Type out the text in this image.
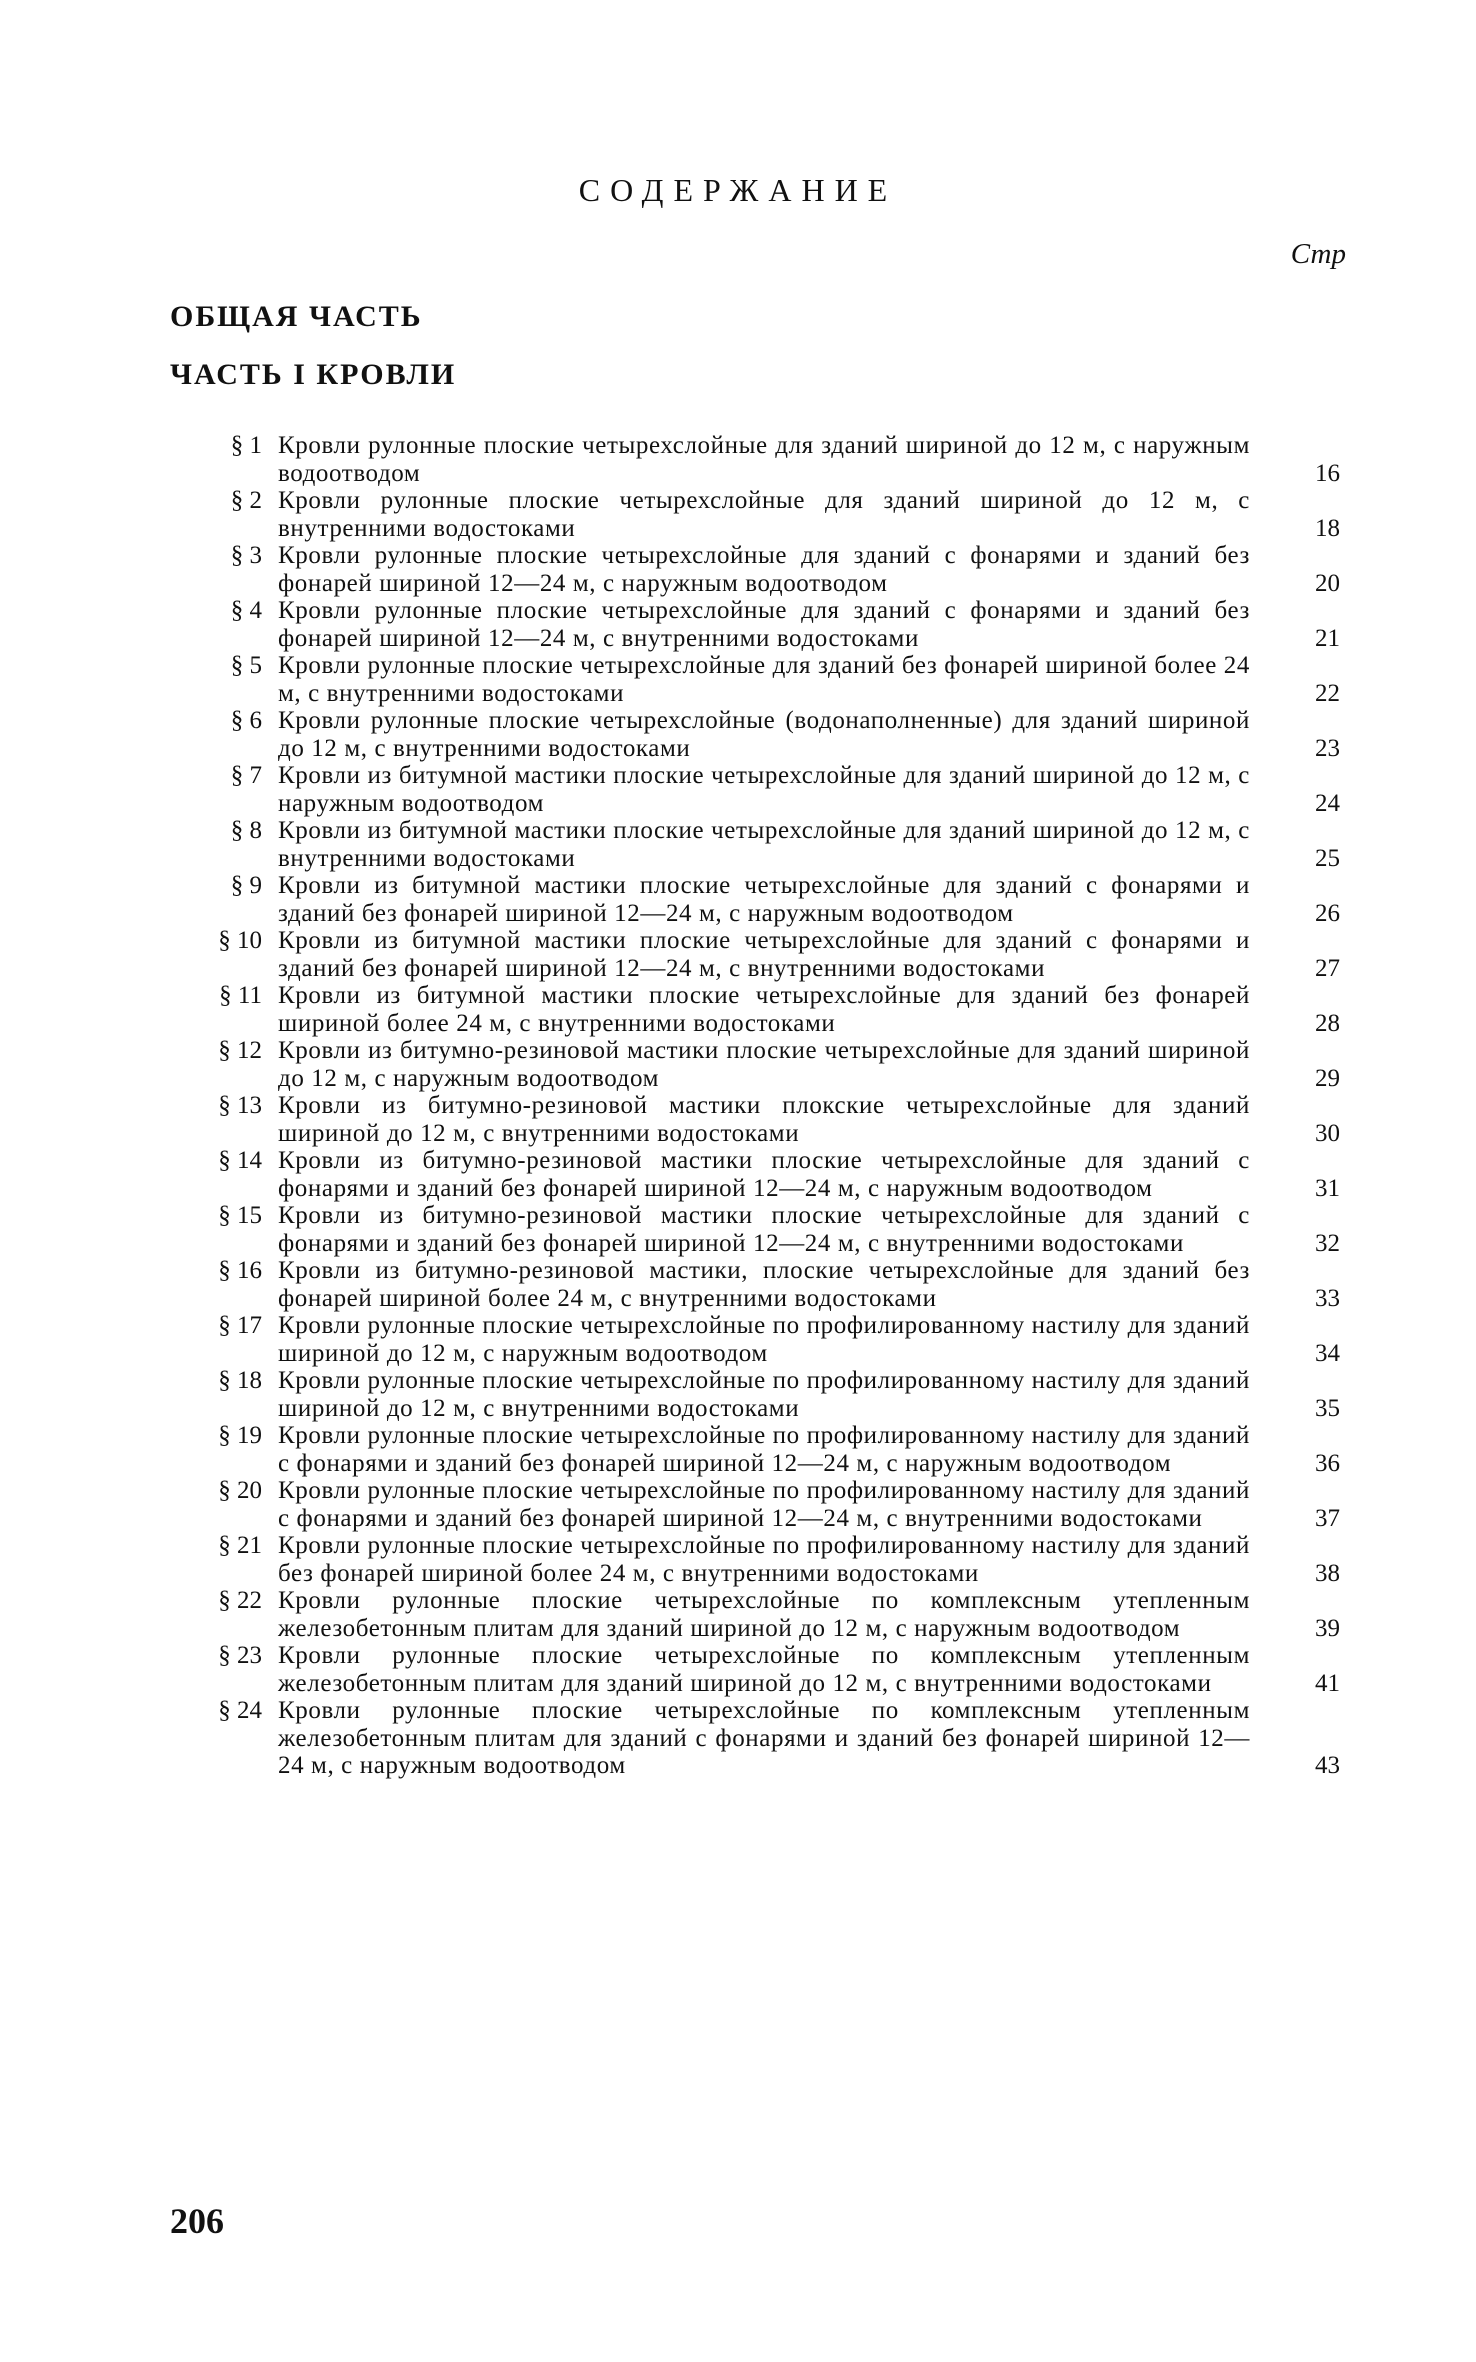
СОДЕРЖАНИЕ
Стр
ОБЩАЯ ЧАСТЬ
ЧАСТЬ I КРОВЛИ
§ 1 Кровли рулонные плоские четырехслойные для зданий шириной до 12 м, с наружным водоотводом	16
§ 2 Кровли рулонные плоские четырехслойные для зданий шириной до 12 м, с внутренними водостоками	18
§ 3 Кровли рулонные плоские четырехслойные для зданий с фонарями и зданий без фонарей шириной 12—24 м, с наружным водоотводом	20
§ 4 Кровли рулонные плоские четырехслойные для зданий с фонарями и зданий без фонарей шириной 12—24 м, с внутренними водостоками	21
§ 5 Кровли рулонные плоские четырехслойные для зданий без фонарей шириной более 24 м, с внутренними водостоками	22
§ 6 Кровли рулонные плоские четырехслойные (водонаполненные) для зданий шириной до 12 м, с внутренними водостоками	23
§ 7 Кровли из битумной мастики плоские четырехслойные для зданий шириной до 12 м, с наружным водоотводом	24
§ 8 Кровли из битумной мастики плоские четырехслойные для зданий шириной до 12 м, с внутренними водостоками	25
§ 9 Кровли из битумной мастики плоские четырехслойные для зданий с фонарями и зданий без фонарей шириной 12—24 м, с наружным водоотводом	26
§ 10 Кровли из битумной мастики плоские четырехслойные для зданий с фонарями и зданий без фонарей шириной 12—24 м, с внутренними водостоками	27
§ 11 Кровли из битумной мастики плоские четырехслойные для зданий без фонарей шириной более 24 м, с внутренними водостоками	28
§ 12 Кровли из битумно-резиновой мастики плоские четырехслойные для зданий шириной до 12 м, с наружным водоотводом	29
§ 13 Кровли из битумно-резиновой мастики плокские четырехслойные для зданий шириной до 12 м, с внутренними водостоками	30
§ 14 Кровли из битумно-резиновой мастики плоские четырехслойные для зданий с фонарями и зданий без фонарей шириной 12—24 м, с наружным водоотводом	31
§ 15 Кровли из битумно-резиновой мастики плоские четырехслойные для зданий с фонарями и зданий без фонарей шириной 12—24 м, с внутренними водостоками	32
§ 16 Кровли из битумно-резиновой мастики, плоские четырехслойные для зданий без фонарей шириной более 24 м, с внутренними водостоками	33
§ 17 Кровли рулонные плоские четырехслойные по профилированному настилу для зданий шириной до 12 м, с наружным водоотводом	34
§ 18 Кровли рулонные плоские четырехслойные по профилированному настилу для зданий шириной до 12 м, с внутренними водостоками	35
§ 19 Кровли рулонные плоские четырехслойные по профилированному настилу для зданий с фонарями и зданий без фонарей шириной 12—24 м, с наружным водоотводом	36
§ 20 Кровли рулонные плоские четырехслойные по профилированному настилу для зданий с фонарями и зданий без фонарей шириной 12—24 м, с внутренними водостоками	37
§ 21 Кровли рулонные плоские четырехслойные по профилированному настилу для зданий без фонарей шириной более 24 м, с внутренними водостоками	38
§ 22 Кровли рулонные плоские четырехслойные по комплексным утепленным железобетонным плитам для зданий шириной до 12 м, с наружным водоотводом	39
§ 23 Кровли рулонные плоские четырехслойные по комплексным утепленным железобетонным плитам для зданий шириной до 12 м, с внутренними водостоками	41
§ 24 Кровли рулонные плоские четырехслойные по комплексным утепленным железобетонным плитам для зданий с фонарями и зданий без фонарей шириной 12—24 м, с наружным водоотводом	43
206
